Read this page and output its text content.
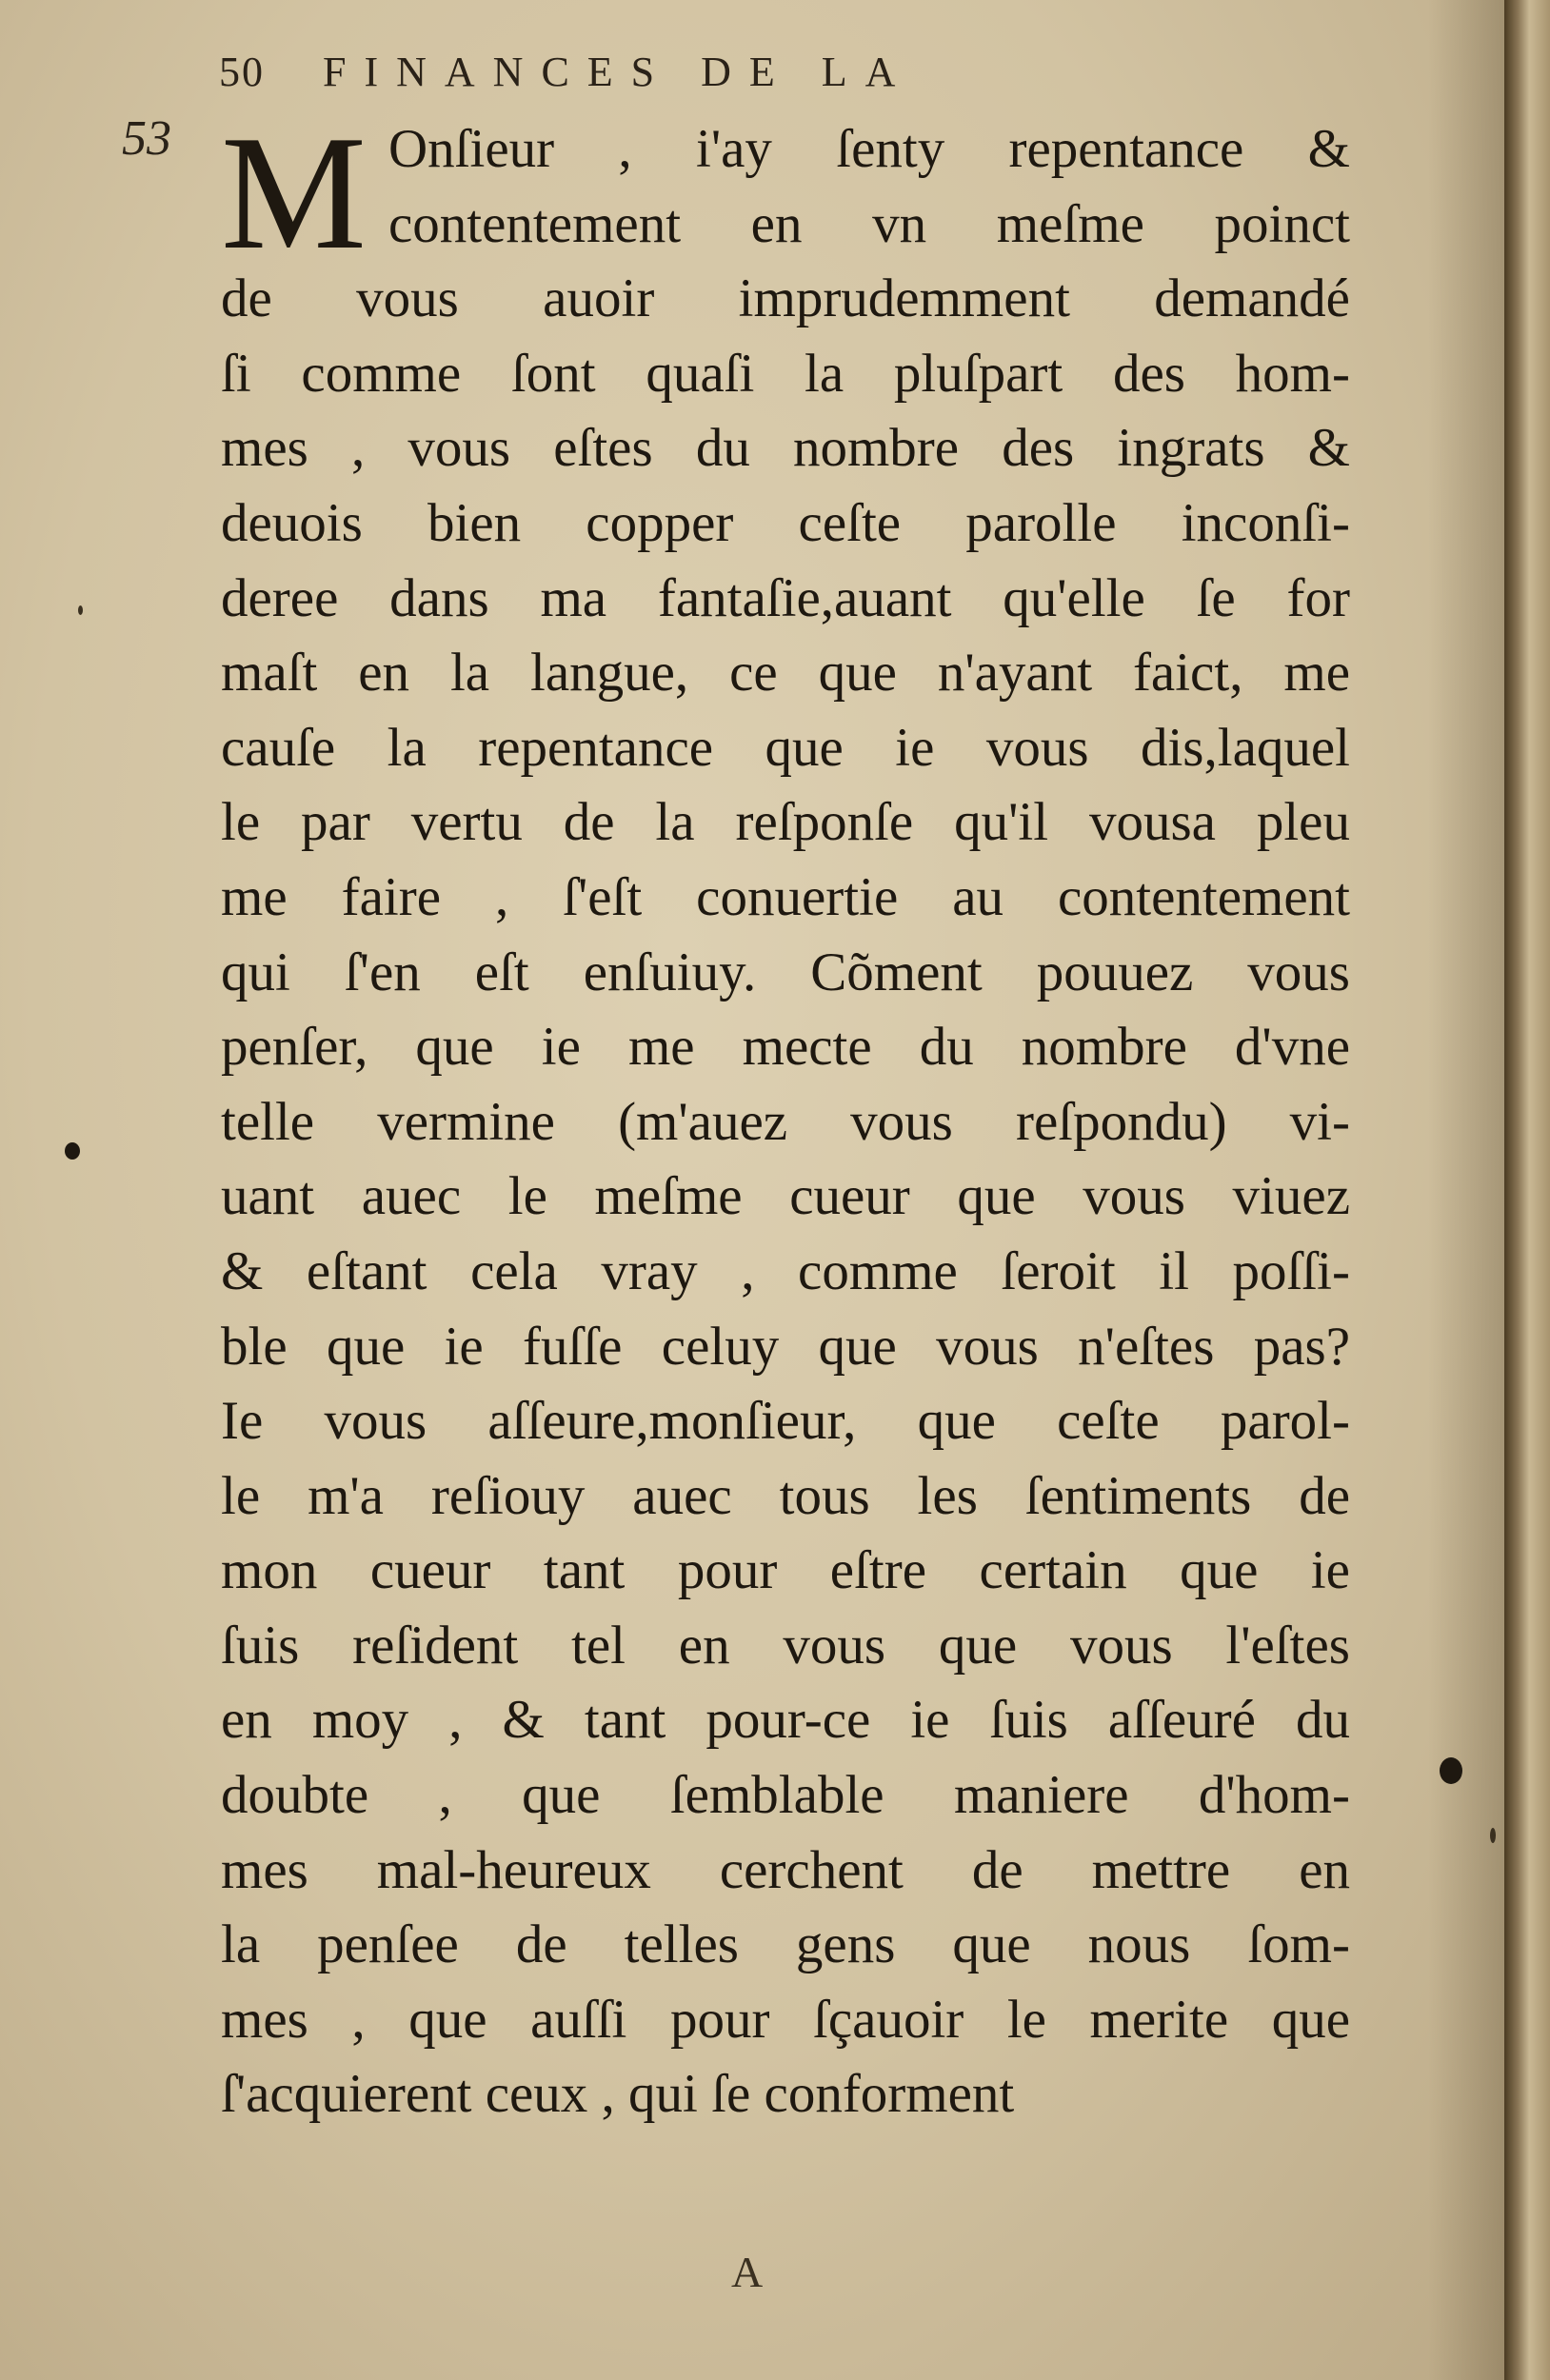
50 FINANCES DE LA
53 M Onſieur , i'ay ſenty repentance &
contentement en vn meſme poinct
de vous auoir imprudemment demandé
ſi comme ſont quaſi la pluſpart des hom-
mes , vous eſtes du nombre des ingrats &
deuois bien copper ceſte parolle inconſi-
deree dans ma fantaſie,auant qu'elle ſe for
maſt en la langue, ce que n'ayant faict, me
cauſe la repentance que ie vous dis,laquel
le par vertu de la reſponſe qu'il vousa pleu
me faire , ſ'eſt conuertie au contentement
qui ſ'en eſt enſuiuy. Cõment pouuez vous
penſer, que ie me mecte du nombre d'vne
telle vermine (m'auez vous reſpondu) vi-
uant auec le meſme cueur que vous viuez
& eſtant cela vray , comme ſeroit il poſſi-
ble que ie fuſſe celuy que vous n'eſtes pas?
Ie vous aſſeure,monſieur, que ceſte parol-
le m'a reſiouy auec tous les ſentiments de
mon cueur tant pour eſtre certain que ie
ſuis reſident tel en vous que vous l'eſtes
en moy , & tant pour-ce ie ſuis aſſeuré du
doubte , que ſemblable maniere d'hom-
mes mal-heureux cerchent de mettre en
la penſee de telles gens que nous ſom-
mes , que auſſi pour ſçauoir le merite que
ſ'acquierent ceux , qui ſe conforment
A
